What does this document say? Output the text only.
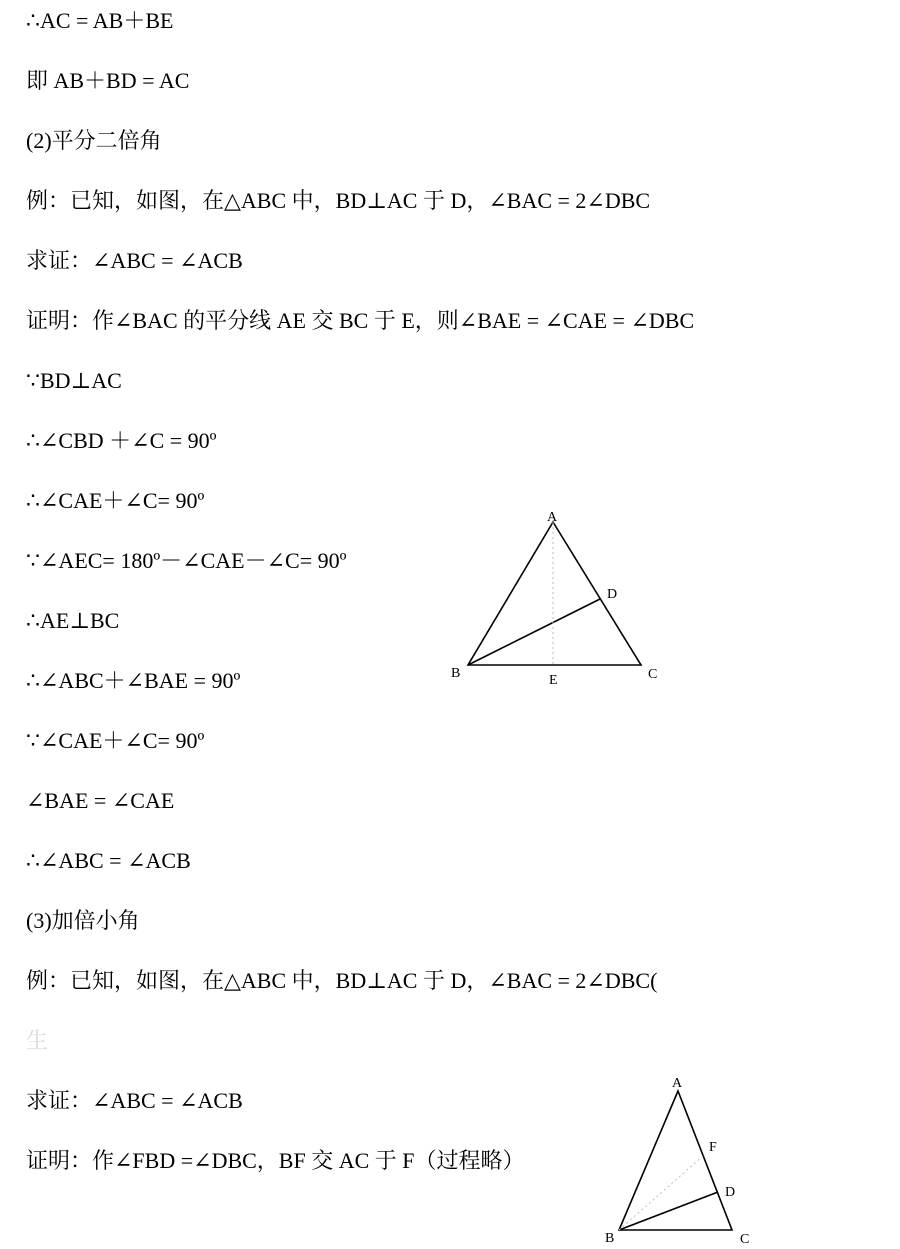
∴AC = AB＋BE
即 AB＋BD = AC
(2)平分二倍角
例：已知，如图，在△ABC 中，BD⊥AC 于 D，∠BAC = 2∠DBC
求证：∠ABC = ∠ACB
证明：作∠BAC 的平分线 AE 交 BC 于 E，则∠BAE = ∠CAE = ∠DBC
∵BD⊥AC
∴∠CBD ＋∠C = 90º
∴∠CAE＋∠C= 90º
∵∠AEC= 180º－∠CAE－∠C= 90º
∴AE⊥BC
∴∠ABC＋∠BAE = 90º
∵∠CAE＋∠C= 90º
∠BAE = ∠CAE
∴∠ABC = ∠ACB
(3)加倍小角
例：已知，如图，在△ABC 中，BD⊥AC 于 D，∠BAC = 2∠DBC(
生
求证：∠ABC = ∠ACB
证明：作∠FBD =∠DBC，BF 交 AC 于 F（过程略）
A
B	C
D
E
A
B	C
D
F
